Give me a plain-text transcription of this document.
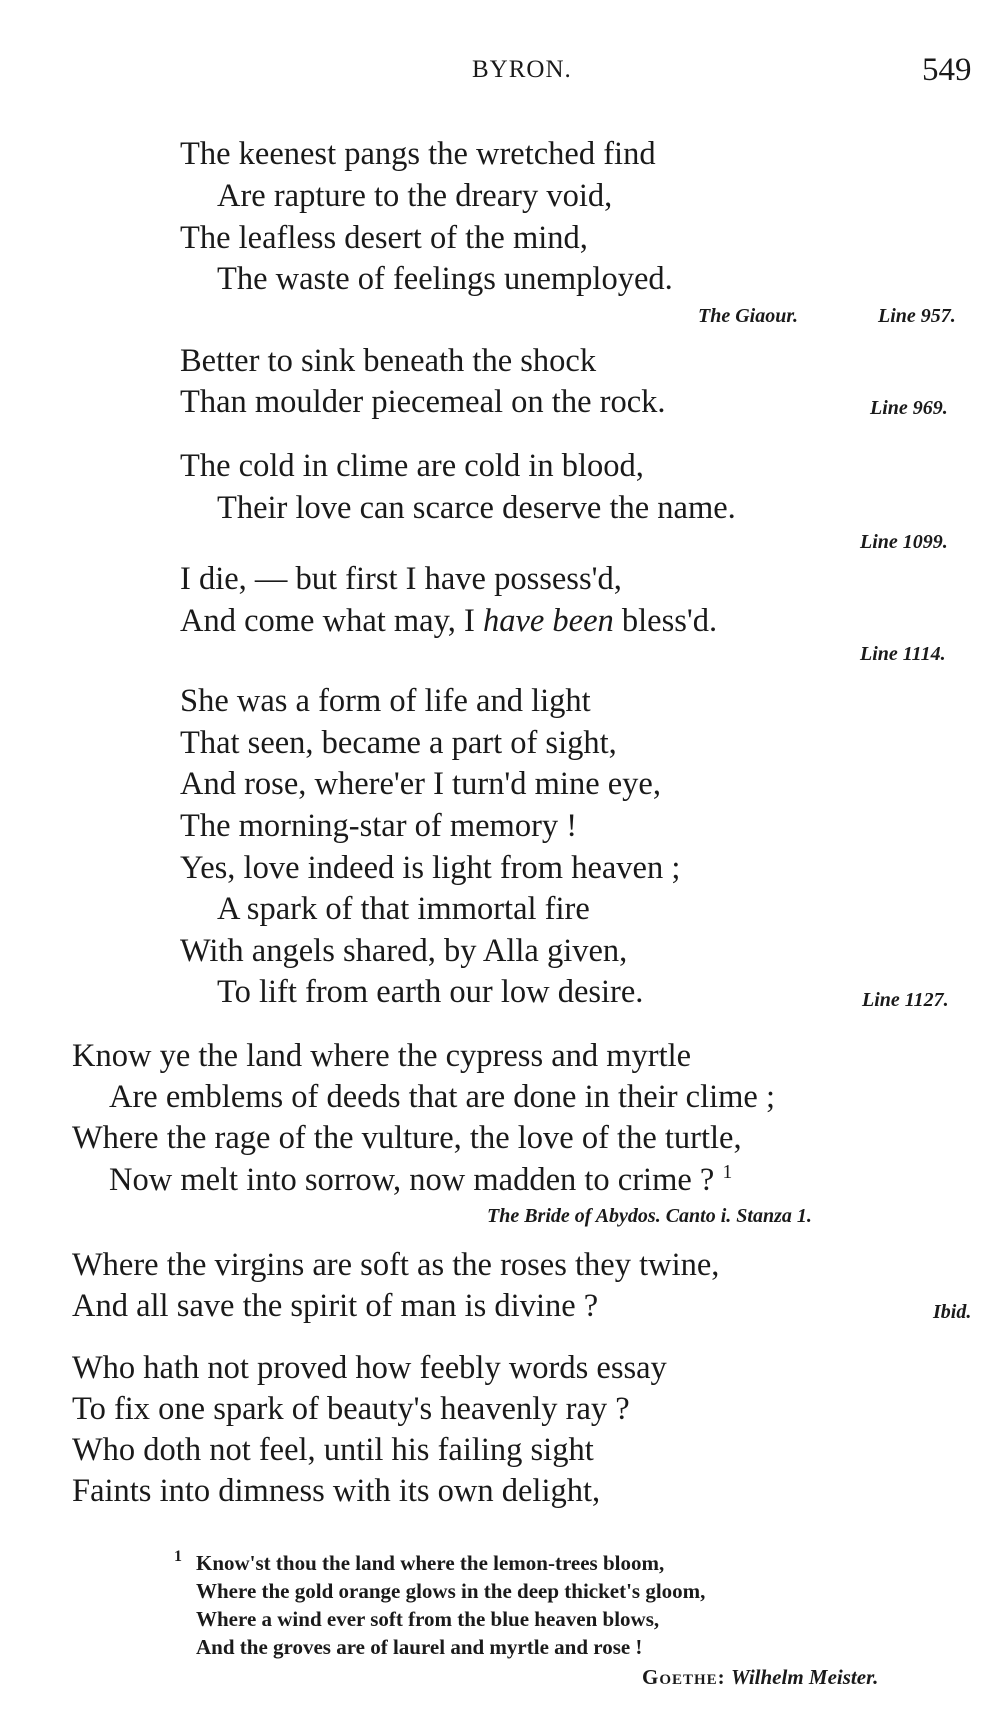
BYRON.	549
The keenest pangs the wretched find
Are rapture to the dreary void,
The leafless desert of the mind,
The waste of feelings unemployed.
The Giaour.	Line 957.
Better to sink beneath the shock
Than moulder piecemeal on the rock.	Line 969.
The cold in clime are cold in blood,
Their love can scarce deserve the name.
Line 1099.
I die, — but first I have possess'd,
And come what may, I have been bless'd.
Line 1114.
She was a form of life and light
That seen, became a part of sight,
And rose, where'er I turn'd mine eye,
The morning-star of memory !
Yes, love indeed is light from heaven ;
A spark of that immortal fire
With angels shared, by Alla given,
To lift from earth our low desire.	Line 1127.
Know ye the land where the cypress and myrtle
Are emblems of deeds that are done in their clime ;
Where the rage of the vulture, the love of the turtle,
Now melt into sorrow, now madden to crime ? $^1$
The Bride of Abydos. Canto i. Stanza 1.
Where the virgins are soft as the roses they twine,
And all save the spirit of man is divine ?	Ibid.
Who hath not proved how feebly words essay
To fix one spark of beauty's heavenly ray ?
Who doth not feel, until his failing sight
Faints into dimness with its own delight,
1 Know'st thou the land where the lemon-trees bloom,
Where the gold orange glows in the deep thicket's gloom,
Where a wind ever soft from the blue heaven blows,
And the groves are of laurel and myrtle and rose !
Goethe: Wilhelm Meister.
